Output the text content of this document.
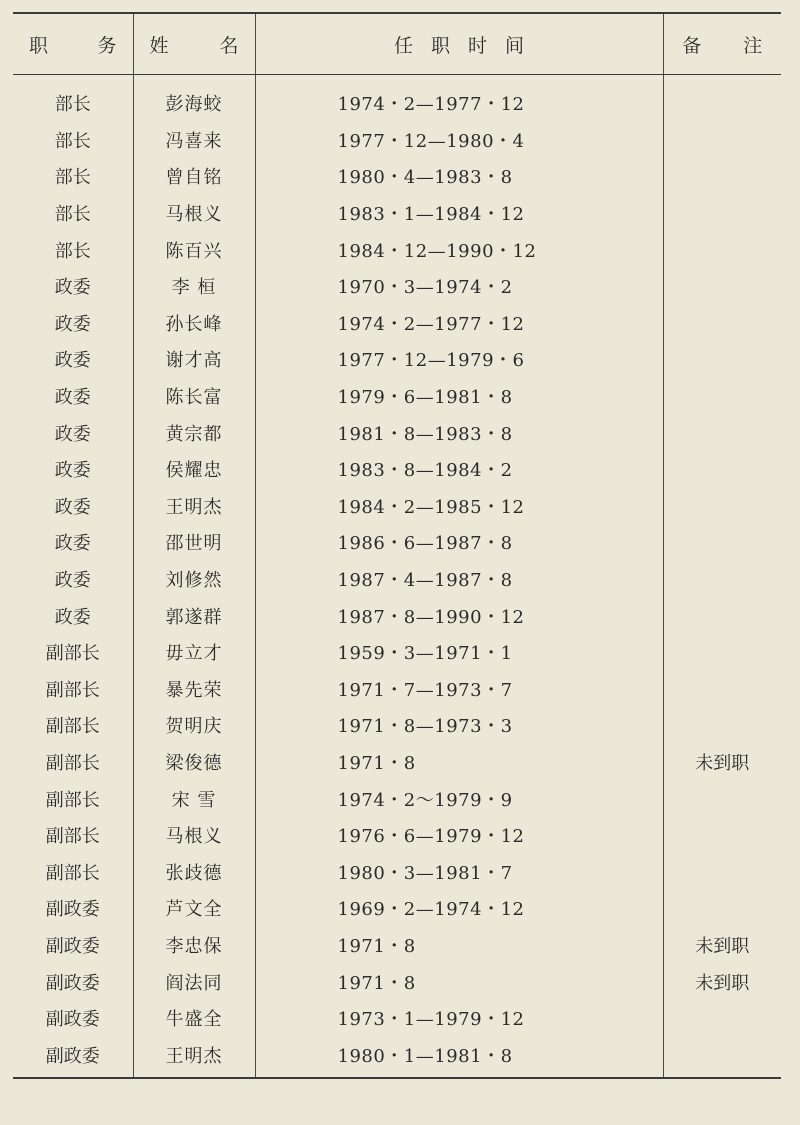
职 务	姓 名	任 职 时 间	备 注

部长	彭海蛟	1974・2—1977・12	
部长	冯喜来	1977・12—1980・4	
部长	曾自铭	1980・4—1983・8	
部长	马根义	1983・1—1984・12	
部长	陈百兴	1984・12—1990・12	
政委	李 桓	1970・3—1974・2	
政委	孙长峰	1974・2—1977・12	
政委	谢才高	1977・12—1979・6	
政委	陈长富	1979・6—1981・8	
政委	黄宗都	1981・8—1983・8	
政委	侯耀忠	1983・8—1984・2	
政委	王明杰	1984・2—1985・12	
政委	邵世明	1986・6—1987・8	
政委	刘修然	1987・4—1987・8	
政委	郭遂群	1987・8—1990・12	
副部长	毋立才	1959・3—1971・1	
副部长	暴先荣	1971・7—1973・7	
副部长	贺明庆	1971・8—1973・3	
副部长	梁俊德	1971・8	未到职
副部长	宋 雪	1974・2～1979・9	
副部长	马根义	1976・6—1979・12	
副部长	张歧德	1980・3—1981・7	
副政委	芦文全	1969・2—1974・12	
副政委	李忠保	1971・8	未到职
副政委	阎法同	1971・8	未到职
副政委	牛盛全	1973・1—1979・12	
副政委	王明杰	1980・1—1981・8	
